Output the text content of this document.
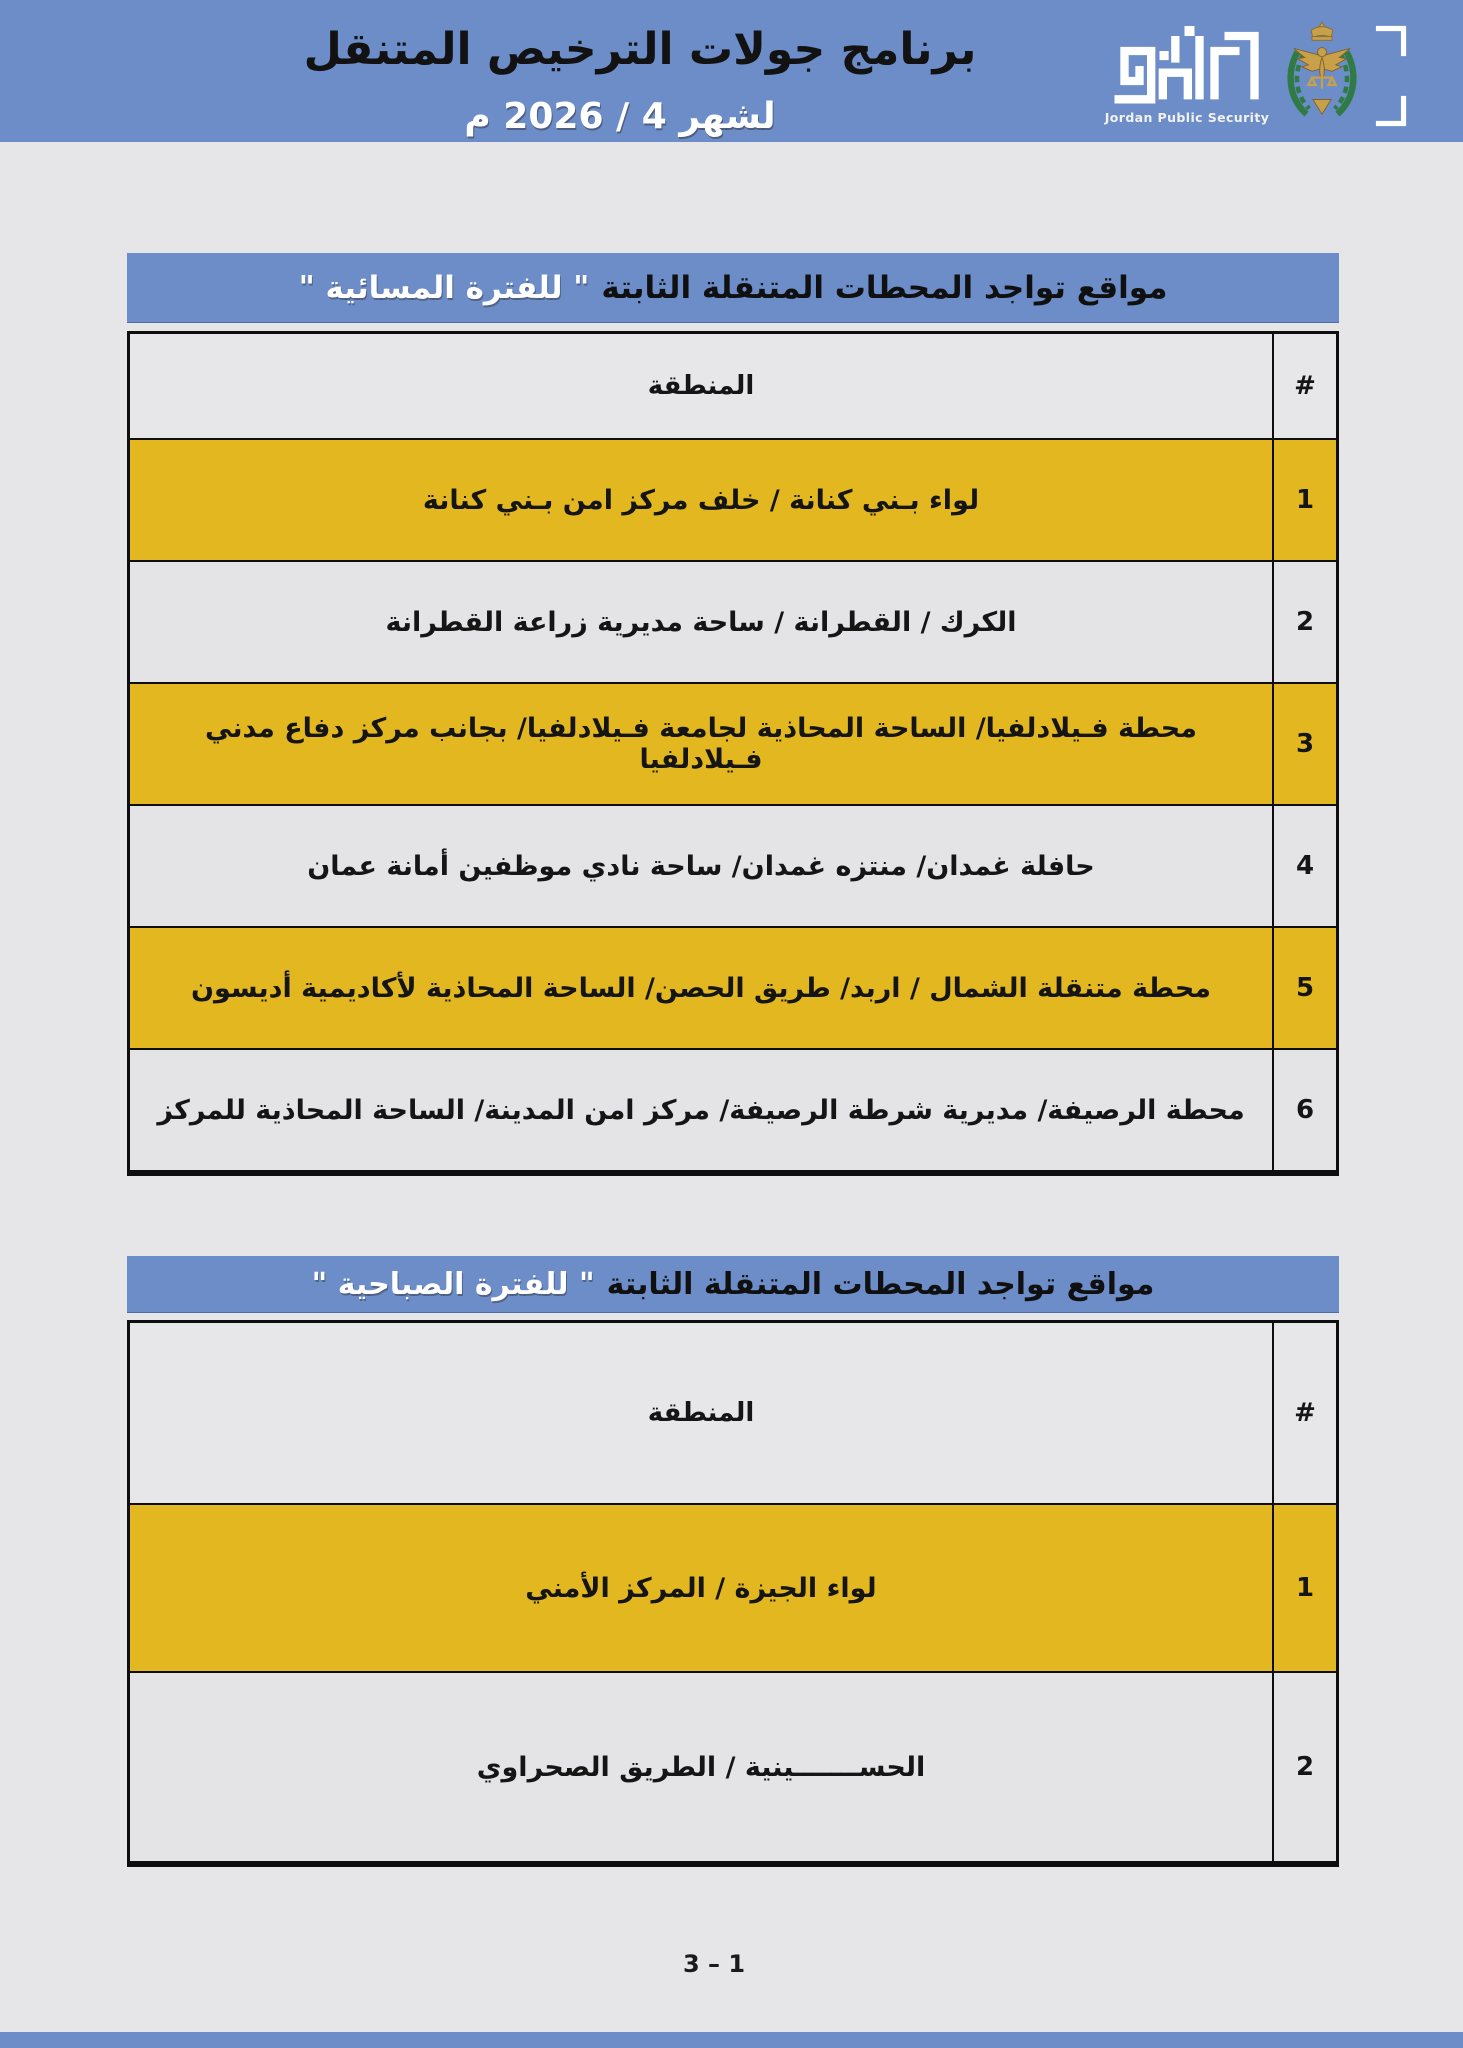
برنامج جولات الترخيص المتنقل
لشهر 4 / 2026 م	Jordan Public Security
مواقع تواجد المحطات المتنقلة الثابتة
" للفترة المسائية "
المنطقة	#
لواء بـني كنانة / خلف مركز امن بـني كنانة	1
الكرك / القطرانة / ساحة مديرية زراعة القطرانة	2
محطة فـيلادلفيا/ الساحة المحاذية لجامعة فـيلادلفيا/ بجانب مركز دفاع مدني فـيلادلفيا	3
حافلة غمدان/ منتزه غمدان/ ساحة نادي موظفين أمانة عمان	4
محطة متنقلة الشمال / اربد/ طريق الحصن/ الساحة المحاذية لأكاديمية أديسون	5
محطة الرصيفة/ مديرية شرطة الرصيفة/ مركز امن المدينة/ الساحة المحاذية للمركز	6
مواقع تواجد المحطات المتنقلة الثابتة
" للفترة الصباحية "
المنطقة	#
لواء الجيزة / المركز الأمني	1
الحســـــــينية / الطريق الصحراوي	2
3 – 1
